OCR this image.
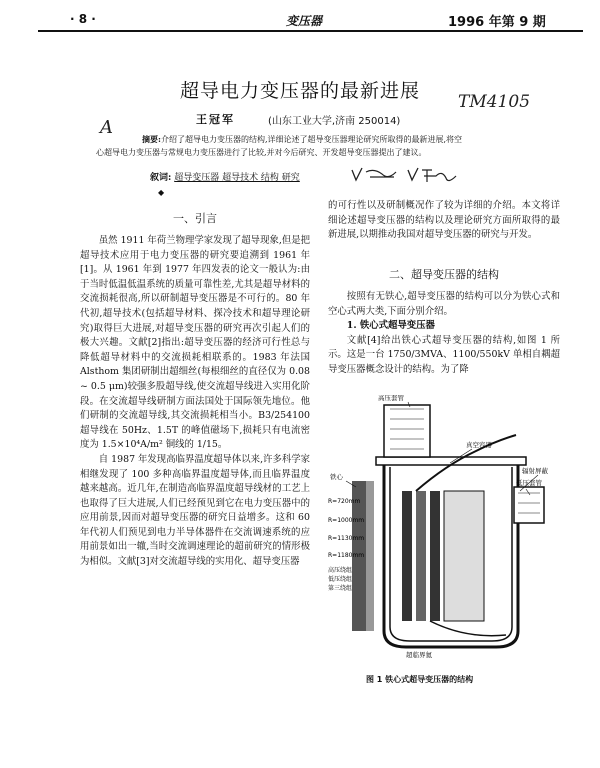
· 8 ·	变压器	1996 年第 9 期
TM4105
A
超导电力变压器的最新进展
王冠军	(山东工业大学,济南 250014)
摘要:介绍了超导电力变压器的结构,详细论述了超导变压器理论研究所取得的最新进展,将空
心超导电力变压器与常规电力变压器进行了比较,并对今后研究、开发超导变压器提出了建议。
叙词: 超导变压器 超导技术 结构 研究
◆
一、引言

虽然 1911 年荷兰物理学家发现了超导现象,但是把超导技术应用于电力变压器的研究要追溯到 1961 年[1]。从 1961 年到 1977 年四发表的论文一般认为:由于当时低温低温系统的质量可靠性差,尤其是超导材料的交流损耗很高,所以研制超导变压器是不可行的。80 年代初,超导技术(包括超导材料、探冷技术和超导理论研究)取得巨大进展,对超导变压器的研究再次引起人们的极大兴趣。文献[2]指出:超导变压器的经济可行性总与降低超导材料中的交流损耗相联系的。1983 年法国 Alsthom 集团研制出超细丝(每根细丝的直径仅为 0.08 ~ 0.5 μm)较强多股超导线,使交流超导线进入实用化阶段。在交流超导线研制方面法国处于国际领先地位。他们研制的交流超导线,其交流损耗相当小。B3/254100 超导线在 50Hz、1.5T 的峰值磁场下,损耗只有电流密度为 1.5×10⁴A/m² 铜线的 1/15。

自 1987 年发现高临界温度超导体以来,许多科学家相继发现了 100 多种高临界温度超导体,而且临界温度越来越高。近几年,在制造高临界温度超导线材的工艺上也取得了巨大进展,人们已经预见到它在电力变压器中的应用前景,因而对超导变压器的研究日益增多。这和 60 年代初人们预见到电力半导体器件在交流调速系统的应用前景如出一辙,当时交流调速理论的超前研究的情形极为相似。文献[3]对交流超导线的实用化、超导变压器

的可行性以及研制概况作了较为详细的介绍。本文将详细论述超导变压器的结构以及理论研究方面所取得的最新进展,以期推动我国对超导变压器的研究与开发。

二、超导变压器的结构

按照有无铁心,超导变压器的结构可以分为铁心式和空心式两大类,下面分别介绍。

1. 铁心式超导变压器

文献[4]给出铁心式超导变压器的结构,如图 1 所示。这是一台 1750/3MVA、1100/550kV 单相自耦超导变压器概念设计的结构。为了降

高压套管
铁心
真空容器
辐射屏蔽
低压套管
R=720mm
R=1000mm
R=1130mm
R=1180mm
高压绕组
低压绕组
第三绕组
超临界氦
图 1 铁心式超导变压器的结构
